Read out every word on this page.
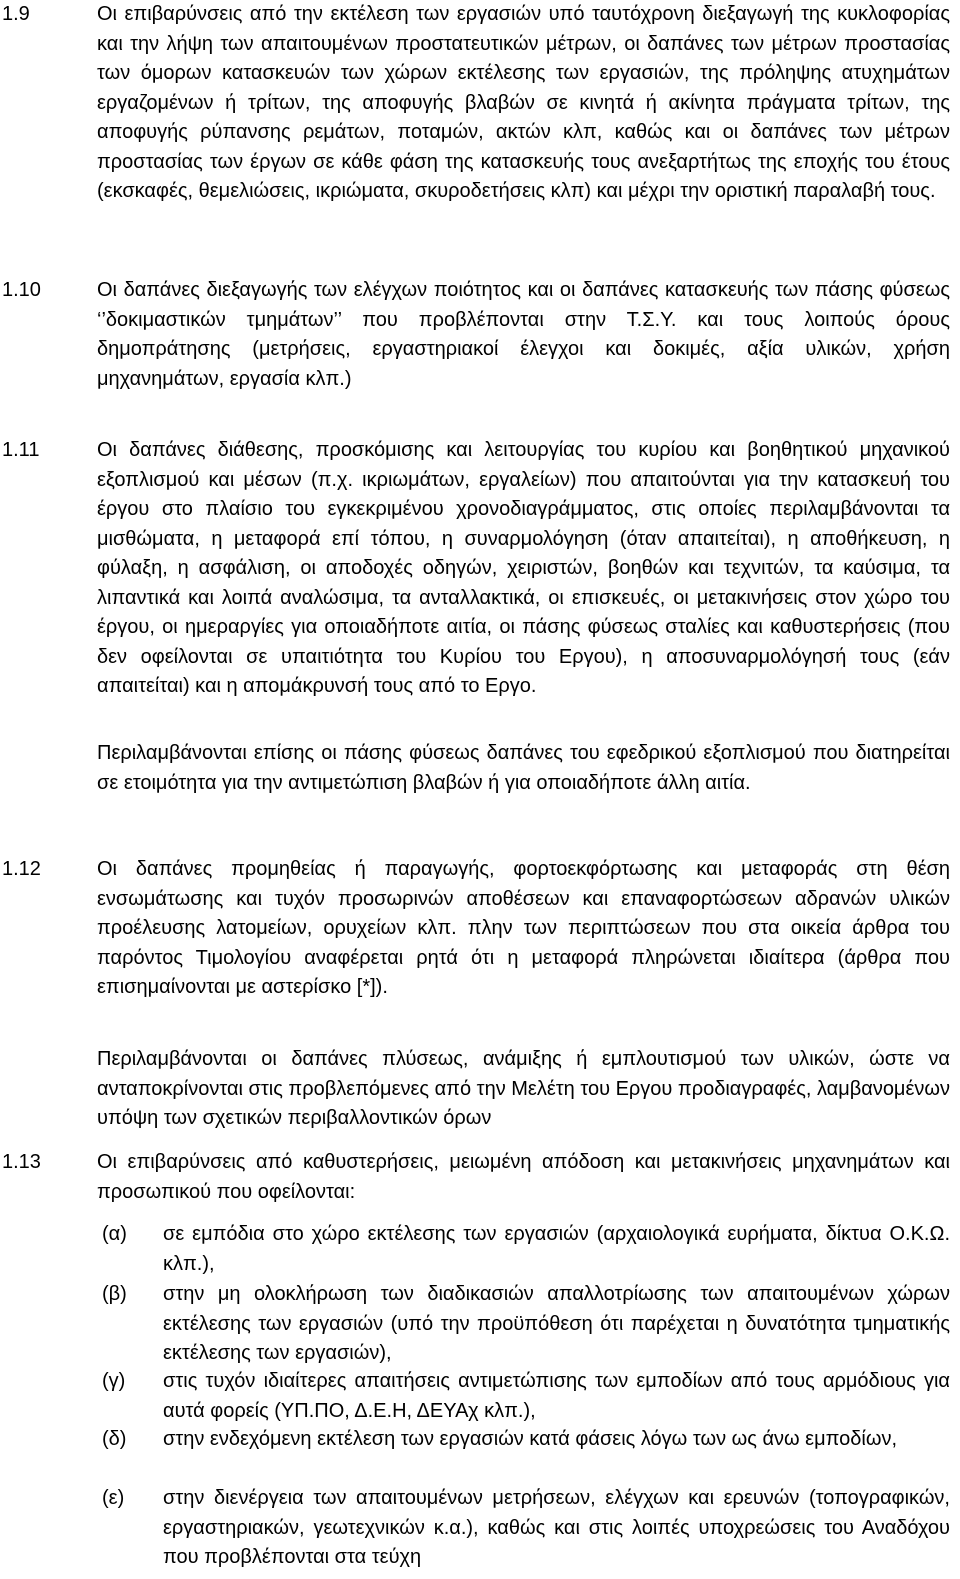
1.9	Οι επιβαρύνσεις από την εκτέλεση των εργασιών υπό ταυτόχρονη διεξαγωγή της κυκλοφορίας και την λήψη των απαιτουμένων προστατευτικών μέτρων, οι δαπάνες των μέτρων προστασίας των όμορων κατασκευών των χώρων εκτέλεσης των εργασιών, της πρόληψης ατυχημάτων εργαζομένων ή τρίτων, της αποφυγής βλαβών σε κινητά ή ακίνητα πράγματα τρίτων, της αποφυγής ρύπανσης ρεμάτων, ποταμών, ακτών κλπ, καθώς και οι δαπάνες των μέτρων προστασίας των έργων σε κάθε φάση της κατασκευής τους ανεξαρτήτως της εποχής του έτους (εκσκαφές, θεμελιώσεις, ικριώματα, σκυροδετήσεις κλπ) και μέχρι την οριστική παραλαβή τους.
1.10	Οι δαπάνες διεξαγωγής των ελέγχων ποιότητος και οι δαπάνες κατασκευής των πάσης φύσεως ‘’δοκιμαστικών τμημάτων’’ που προβλέπονται στην Τ.Σ.Υ. και τους λοιπούς όρους δημοπράτησης (μετρήσεις, εργαστηριακοί έλεγχοι και δοκιμές, αξία υλικών, χρήση μηχανημάτων, εργασία κλπ.)
1.11	Οι δαπάνες διάθεσης, προσκόμισης και λειτουργίας του κυρίου και βοηθητικού μηχανικού εξοπλισμού και μέσων (π.χ. ικριωμάτων, εργαλείων) που απαιτούνται για την κατασκευή του έργου στο πλαίσιο του εγκεκριμένου χρονοδιαγράμματος, στις οποίες περιλαμβάνονται τα μισθώματα, η μεταφορά επί τόπου, η συναρμολόγηση (όταν απαιτείται), η αποθήκευση, η φύλαξη, η ασφάλιση, οι αποδοχές οδηγών, χειριστών, βοηθών και τεχνιτών, τα καύσιμα, τα λιπαντικά και λοιπά αναλώσιμα, τα ανταλλακτικά, οι επισκευές, οι μετακινήσεις στον χώρο του έργου, οι ημεραργίες για οποιαδήποτε αιτία, οι πάσης φύσεως σταλίες και καθυστερήσεις (που δεν οφείλονται σε υπαιτιότητα του Κυρίου του Εργου), η αποσυναρμολόγησή τους (εάν απαιτείται) και η απομάκρυνσή τους από το Εργο.
Περιλαμβάνονται επίσης οι πάσης φύσεως δαπάνες του εφεδρικού εξοπλισμού που διατηρείται σε ετοιμότητα για την αντιμετώπιση βλαβών ή για οποιαδήποτε άλλη αιτία.
1.12	Οι δαπάνες προμηθείας ή παραγωγής, φορτοεκφόρτωσης και μεταφοράς στη θέση ενσωμάτωσης και τυχόν προσωρινών αποθέσεων και επαναφορτώσεων αδρανών υλικών προέλευσης λατομείων, ορυχείων κλπ. πλην των περιπτώσεων που στα οικεία άρθρα του παρόντος Τιμολογίου αναφέρεται ρητά ότι η μεταφορά πληρώνεται ιδιαίτερα (άρθρα που επισημαίνονται με αστερίσκο [*]).
Περιλαμβάνονται οι δαπάνες πλύσεως, ανάμιξης ή εμπλουτισμού των υλικών, ώστε να ανταποκρίνονται στις προβλεπόμενες από την Μελέτη του Εργου προδιαγραφές, λαμβανομένων υπόψη των σχετικών περιβαλλοντικών όρων
1.13	Οι επιβαρύνσεις από καθυστερήσεις, μειωμένη απόδοση και μετακινήσεις μηχανημάτων και προσωπικού που οφείλονται:
(α) σε εμπόδια στο χώρο εκτέλεσης των εργασιών (αρχαιολογικά ευρήματα, δίκτυα Ο.Κ.Ω. κλπ.),
(β) στην μη ολοκλήρωση των διαδικασιών απαλλοτρίωσης των απαιτουμένων χώρων εκτέλεσης των εργασιών (υπό την προϋπόθεση ότι παρέχεται η δυνατότητα τμηματικής εκτέλεσης των εργασιών),
(γ) στις τυχόν ιδιαίτερες απαιτήσεις αντιμετώπισης των εμποδίων από τους αρμόδιους για αυτά φορείς (ΥΠ.ΠΟ, Δ.Ε.Η, ΔΕΥΑχ κλπ.),
(δ) στην ενδεχόμενη εκτέλεση των εργασιών κατά φάσεις λόγω των ως άνω εμποδίων,
(ε) στην διενέργεια των απαιτουμένων μετρήσεων, ελέγχων και ερευνών (τοπογραφικών, εργαστηριακών, γεωτεχνικών κ.α.), καθώς και στις λοιπές υποχρεώσεις του Αναδόχου που προβλέπονται στα τεύχη
